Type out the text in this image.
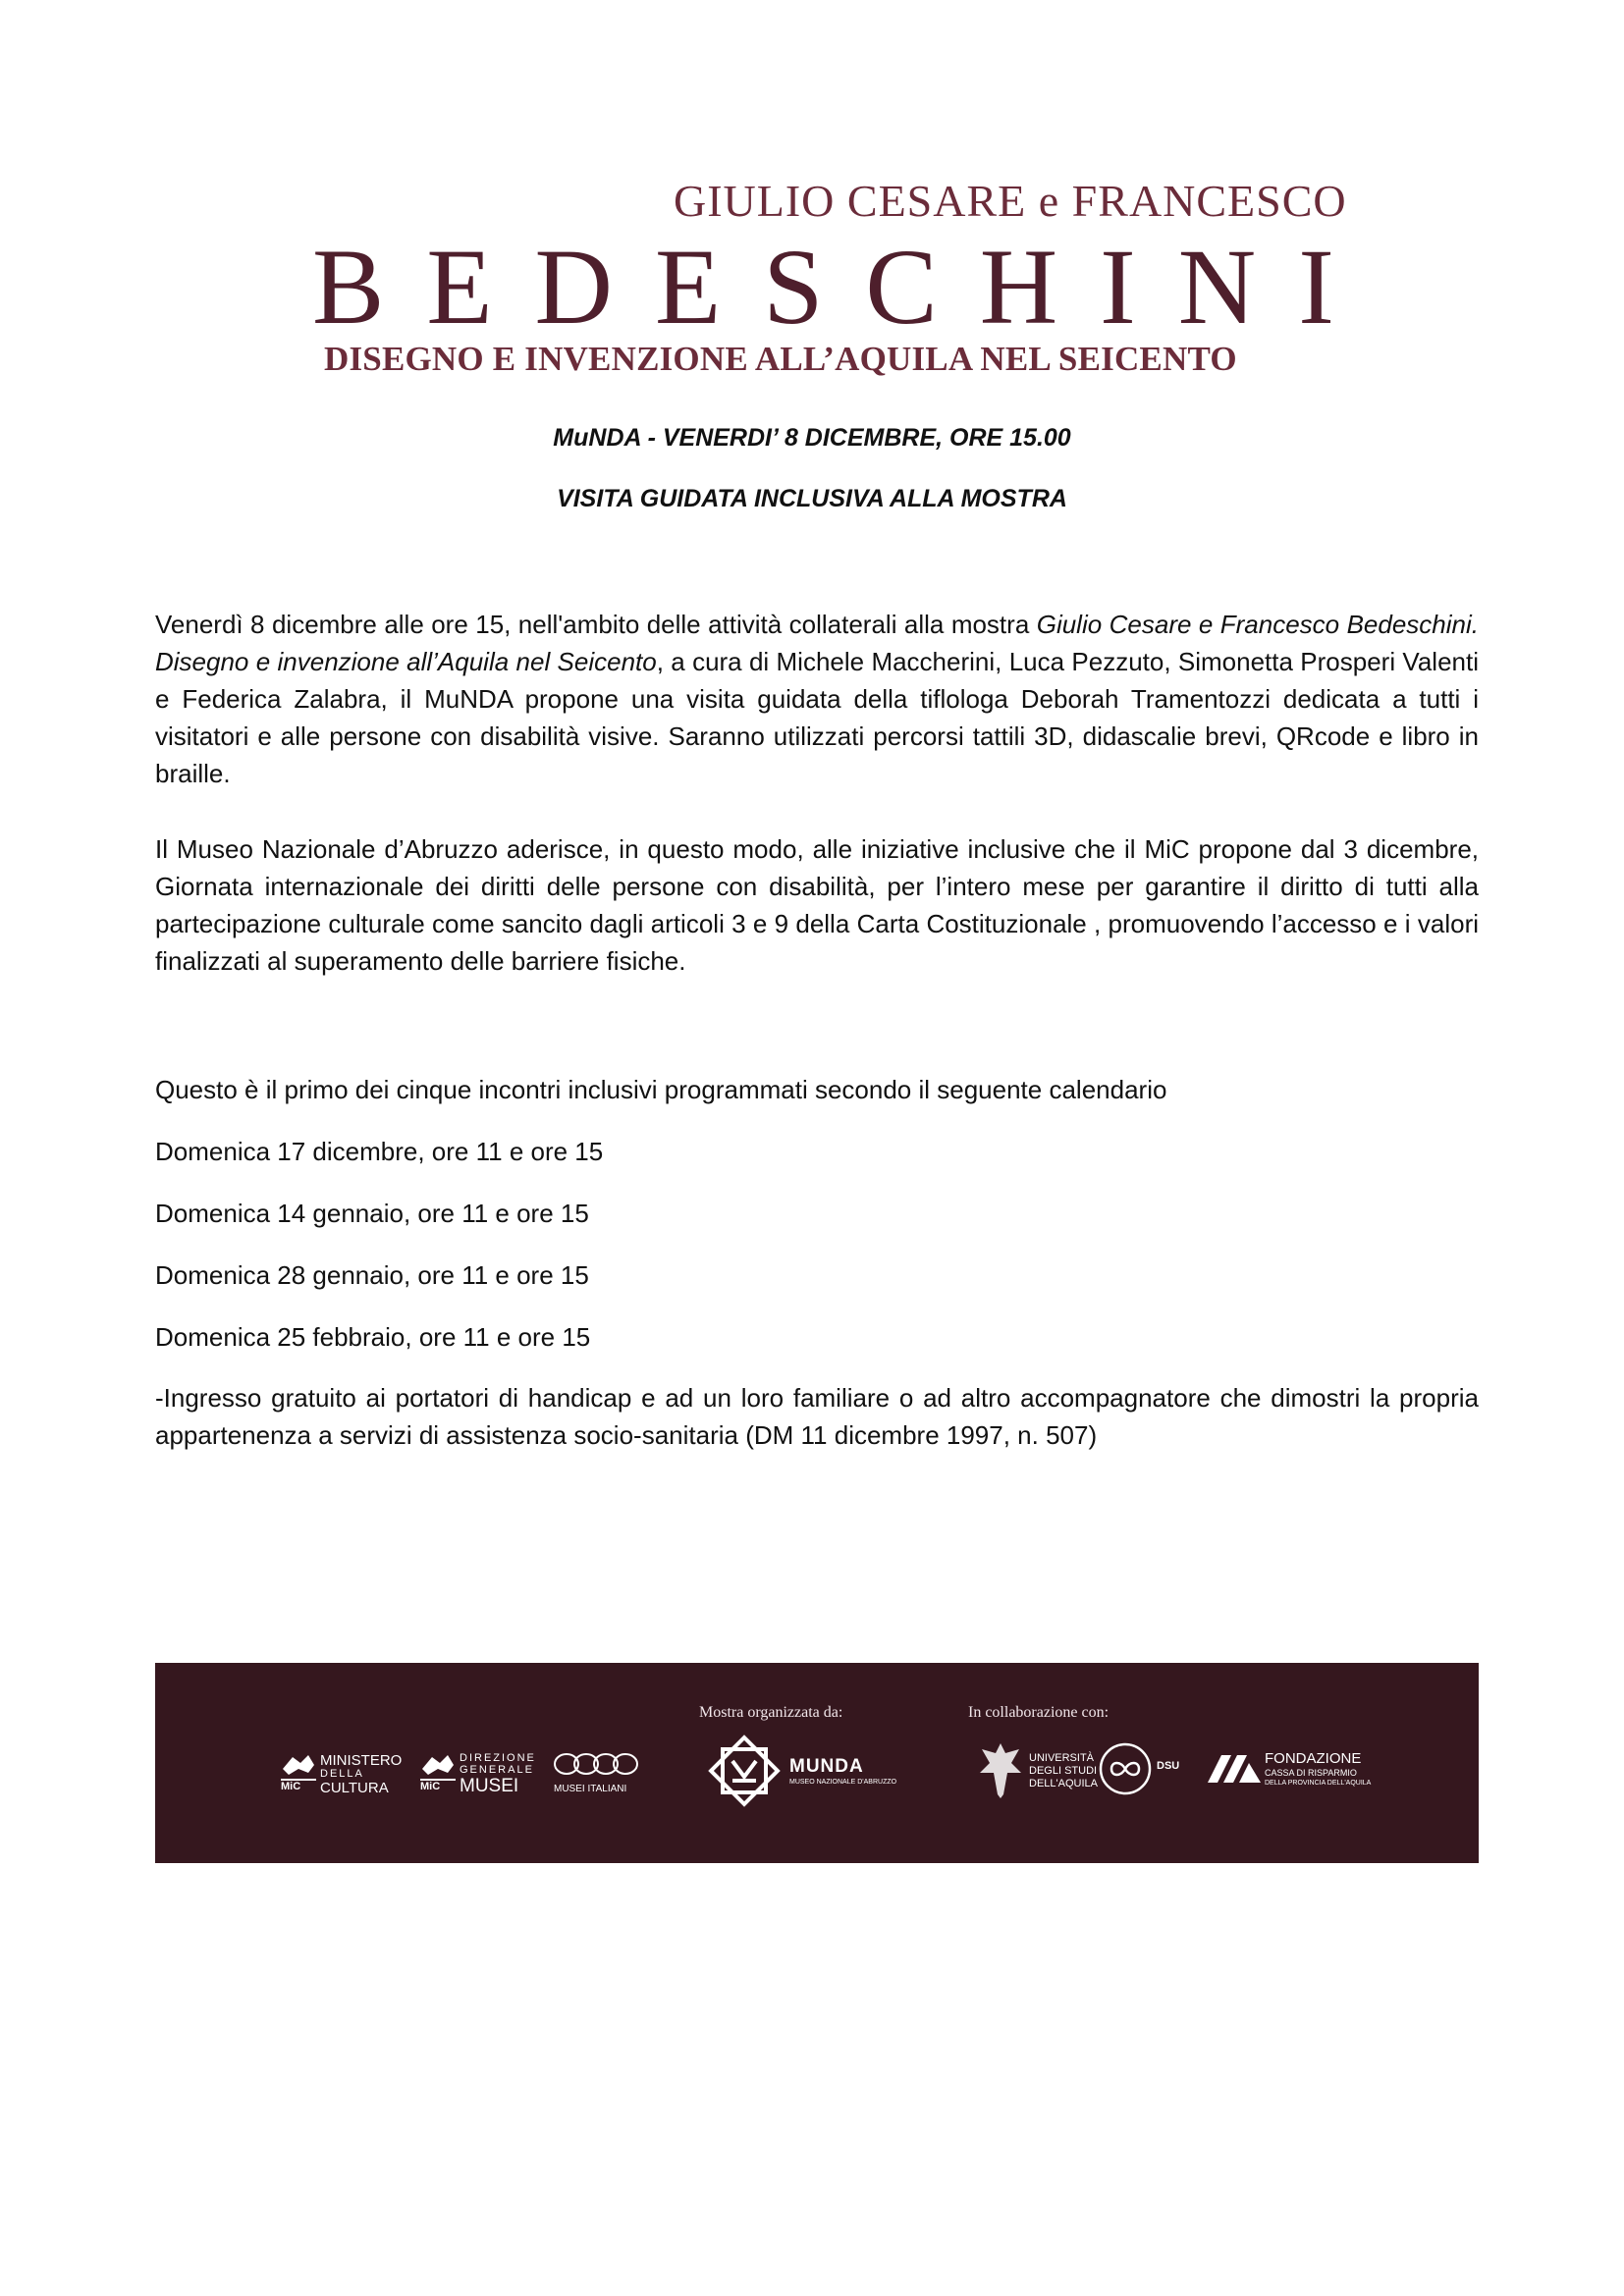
GIULIO CESARE e FRANCESCO
BEDESCHINI
DISEGNO E INVENZIONE ALL’AQUILA NEL SEICENTO
MuNDA - VENERDI’ 8 DICEMBRE, ORE 15.00
VISITA GUIDATA INCLUSIVA ALLA MOSTRA

Venerdì 8 dicembre alle ore 15, nell'ambito delle attività collaterali alla mostra Giulio Cesare e Francesco Bedeschini. Disegno e invenzione all’Aquila nel Seicento, a cura di Michele Maccherini, Luca Pezzuto, Simonetta Prosperi Valenti e Federica Zalabra, il MuNDA propone una visita guidata della tiflologa Deborah Tramentozzi dedicata a tutti i visitatori e alle persone con disabilità visive. Saranno utilizzati percorsi tattili 3D, didascalie brevi, QRcode e libro in braille.

Il Museo Nazionale d’Abruzzo aderisce, in questo modo, alle iniziative inclusive che il MiC propone dal 3 dicembre, Giornata internazionale dei diritti delle persone con disabilità, per l’intero mese per garantire il diritto di tutti alla partecipazione culturale come sancito dagli articoli 3 e 9 della Carta Costituzionale , promuovendo l’accesso e i valori finalizzati al superamento delle barriere fisiche.

Questo è il primo dei cinque incontri inclusivi programmati secondo il seguente calendario

Domenica 17 dicembre, ore 11 e ore 15

Domenica 14 gennaio, ore 11 e ore 15

Domenica 28 gennaio, ore 11 e ore 15

Domenica 25 febbraio, ore 11 e ore 15

-Ingresso gratuito ai portatori di handicap e ad un loro familiare o ad altro accompagnatore che dimostri la propria appartenenza a servizi di assistenza socio-sanitaria (DM 11 dicembre 1997, n. 507)

Mostra organizzata da:	In collaborazione con:
MiC
MINISTERO
DELLA
CULTURA	MiC
DIREZIONE
GENERALE
MUSEI	MUSEI ITALIANI
MUNDA
MUSEO NAZIONALE D'ABRUZZO
UNIVERSITÀ
DEGLI STUDI
DELL'AQUILA
DSU	FONDAZIONE
CASSA DI RISPARMIO
DELLA PROVINCIA DELL'AQUILA
